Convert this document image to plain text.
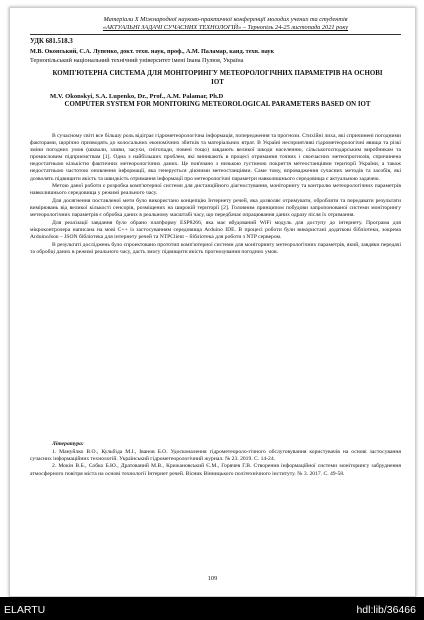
Матеріали Х Міжнародної науково-практичної конференції молодих учених та студентів
«АКТУАЛЬНІ ЗАДАЧІ СУЧАСНИХ ТЕХНОЛОГІЙ» – Тернопіль 24-25 листопада 2021 року
УДК 681.518.3
М.В. Оконський, С.А. Лупенко, докт. техн. наук, проф., А.М. Паламар, канд. техн. наук
Тернопільський національний технічний університет імені Івана Пулюя, Україна
КОМП'ЮТЕРНА СИСТЕМА ДЛЯ МОНІТОРИНГУ МЕТЕОРОЛОГІЧНИХ ПАРАМЕТРІВ НА ОСНОВІ IOT
M.V. Okonskyi, S.A. Lupenko, Dr., Prof., A.M. Palamar, Ph.D
COMPUTER SYSTEM FOR MONITORING METEOROLOGICAL PARAMETERS BASED ON IOT

В сучасному світі все більшу роль відіграє гідрометеорологічна інформація, попередження та прогнози. Стихійні лиха, які спричинені погодними факторами, щорічно призводять до колосальних економічних збитків та матеріальних втрат. В Україні несприятливі гідрометеорологічні явища та різкі зміни погодних умов (шквали, зливи, засухи, снігопади, повені тощо) завдають великої шкоди населенню, сільськогосподарським виробникам та промисловим підприємствам [1]. Одна з найбільших проблем, які виникають в процесі отримання точних і своєчасних метеопрогнозів, спричинена недостатньою кількістю фактичних метеорологічних даних. Це пов'язано з низькою густиною покриття метеостанціями території України, а також недостатньою частотою оновлення інформації, яка генерується діючими метеостанціями. Саме тому, впровадження сучасних методів та засобів, які дозволять підвищити якість та швидкість отримання інформації про метеорологічні параметри навколишнього середовища є актуальною задачею.

Метою даної роботи є розробка комп'ютерної системи для дистанційного діагностування, моніторингу та контролю метеорологічних параметрів навколишнього середовища у режимі реального часу.

Для досягнення поставленої мети було використано концепцію Інтернету речей, яка дозволяє отримувати, обробляти та передавати результати вимірювань від великої кількості сенсорів, розміщених на широкій території [2]. Головним принципом побудови запропонованої системи моніторингу метеорологічних параметрів є обробка даних в реальному масштабі часу, що передбачає опрацювання даних одразу після їх отримання.

Для реалізації завдання було обрано платформу ESP8266, яка має вбудований WiFi модуль для доступу до інтернету. Програма для мікроконтролера написана на мові C++ із застосуванням середовища Arduino IDE. В процесі роботи були використані додаткові бібліотеки, зокрема ArduinoJson – JSON бібліотека для інтернету речей та NTPClient – бібліотека для роботи з NTP сервером.

В результаті досліджень було спроектовано прототип комп'ютерної системи для моніторингу метеорологічних параметрів, який, завдяки передачі та обробці даних в режимі реального часу, дасть змогу підвищити якість прогнозування погодних умов.

Література:

1. Мануйлко В.О., Кульбіда М.І., Іванов Б.О. Удосконалення гідрометеороло-гічного обслуговування користувачів на основі застосування сучасних інформаційних технологій. Український гідрометеорологічний журнал. № 23. 2019. С. 14-24.

2. Мокін В.Б., Собко Б.Ю., Дратований М.В., Крижановський Є.М., Горячев Г.В. Створення інформаційної системи моніторингу забруднення атмосферного повітря міста на основі технології Інтернет речей. Вісник Вінницького політехнічного інституту. № 3. 2017. С. 49-58.

109
ELARTU	hdl:lib/36466
